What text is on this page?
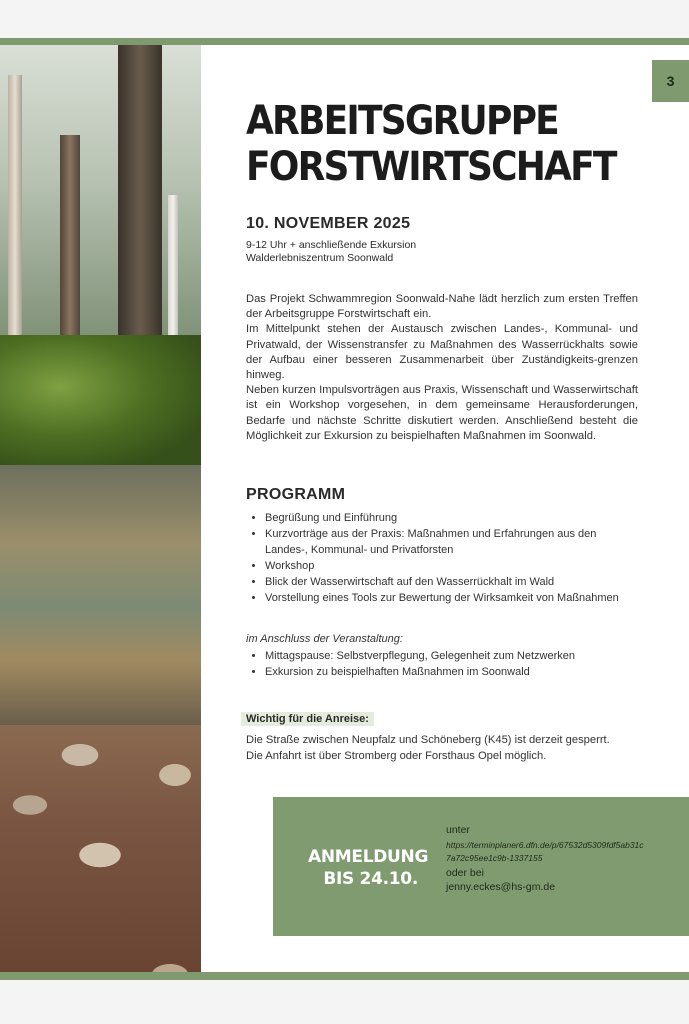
3
ARBEITSGRUPPE
FORSTWIRTSCHAFT
10. NOVEMBER 2025
9-12 Uhr + anschließende Exkursion
Walderlebniszentrum Soonwald

Das Projekt Schwammregion Soonwald-Nahe lädt herzlich zum ersten Treffen der Arbeitsgruppe Forstwirtschaft ein.

Im Mittelpunkt stehen der Austausch zwischen Landes-, Kommunal- und Privatwald, der Wissenstransfer zu Maßnahmen des Wasserrückhalts sowie der Aufbau einer besseren Zusammenarbeit über Zuständigkeits-grenzen hinweg.

Neben kurzen Impulsvorträgen aus Praxis, Wissenschaft und Wasserwirtschaft ist ein Workshop vorgesehen, in dem gemeinsame Herausforderungen, Bedarfe und nächste Schritte diskutiert werden. Anschließend besteht die Möglichkeit zur Exkursion zu beispielhaften Maßnahmen im Soonwald.

PROGRAMM
• Begrüßung und Einführung
• Kurzvorträge aus der Praxis: Maßnahmen und Erfahrungen aus den Landes-, Kommunal- und Privatforsten
• Workshop
• Blick der Wasserwirtschaft auf den Wasserrückhalt im Wald
• Vorstellung eines Tools zur Bewertung der Wirksamkeit von Maßnahmen
im Anschluss der Veranstaltung:
• Mittagspause: Selbstverpflegung, Gelegenheit zum Netzwerken
• Exkursion zu beispielhaften Maßnahmen im Soonwald
Wichtig für die Anreise:

Die Straße zwischen Neupfalz und Schöneberg (K45) ist derzeit gesperrt.

Die Anfahrt ist über Stromberg oder Forsthaus Opel möglich.

ANMELDUNG
BIS 24.10.
unter
https://terminplaner6.dfn.de/p/67532d5309fdf5ab31c7a72c95ee1c9b-1337155
oder bei
jenny.eckes@hs-gm.de
